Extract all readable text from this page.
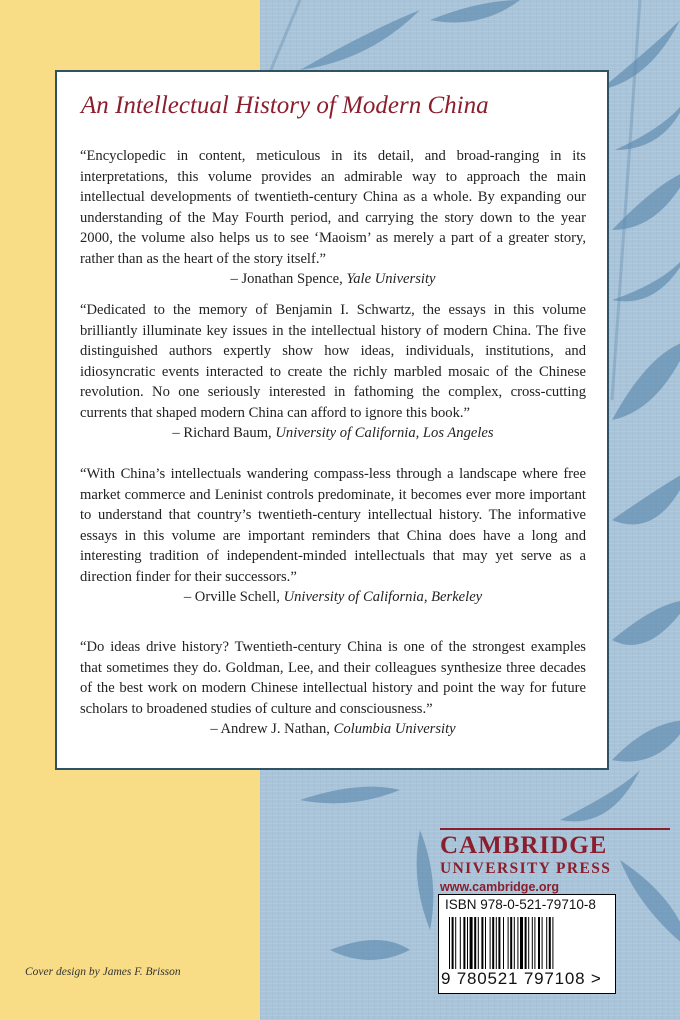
An Intellectual History of Modern China

“Encyclopedic in content, meticulous in its detail, and broad-ranging in its interpretations, this volume provides an admirable way to approach the main intellectual developments of twentieth-century China as a whole. By expanding our understanding of the May Fourth period, and carrying the story down to the year 2000, the volume also helps us to see ‘Maoism’ as merely a part of a greater story, rather than as the heart of the story itself.”

– Jonathan Spence, Yale University

“Dedicated to the memory of Benjamin I. Schwartz, the essays in this volume brilliantly illuminate key issues in the intellectual history of modern China. The five distinguished authors expertly show how ideas, individuals, institutions, and idiosyncratic events interacted to create the richly marbled mosaic of the Chinese revolution. No one seriously interested in fathoming the complex, cross-cutting currents that shaped modern China can afford to ignore this book.”

– Richard Baum, University of California, Los Angeles

“With China’s intellectuals wandering compass-less through a landscape where free market commerce and Leninist controls predominate, it becomes ever more important to understand that country’s twentieth-century intellectual history. The informative essays in this volume are important reminders that China does have a long and interesting tradition of independent-minded intellectuals that may yet serve as a direction finder for their successors.”

– Orville Schell, University of California, Berkeley

“Do ideas drive history? Twentieth-century China is one of the strongest examples that sometimes they do. Goldman, Lee, and their colleagues synthesize three decades of the best work on modern Chinese intellectual history and point the way for future scholars to broadened studies of culture and consciousness.”

– Andrew J. Nathan, Columbia University

CAMBRIDGE
UNIVERSITY PRESS
www.cambridge.org
ISBN 978-0-521-79710-8
9 780521 797108 >
Cover design by James F. Brisson
